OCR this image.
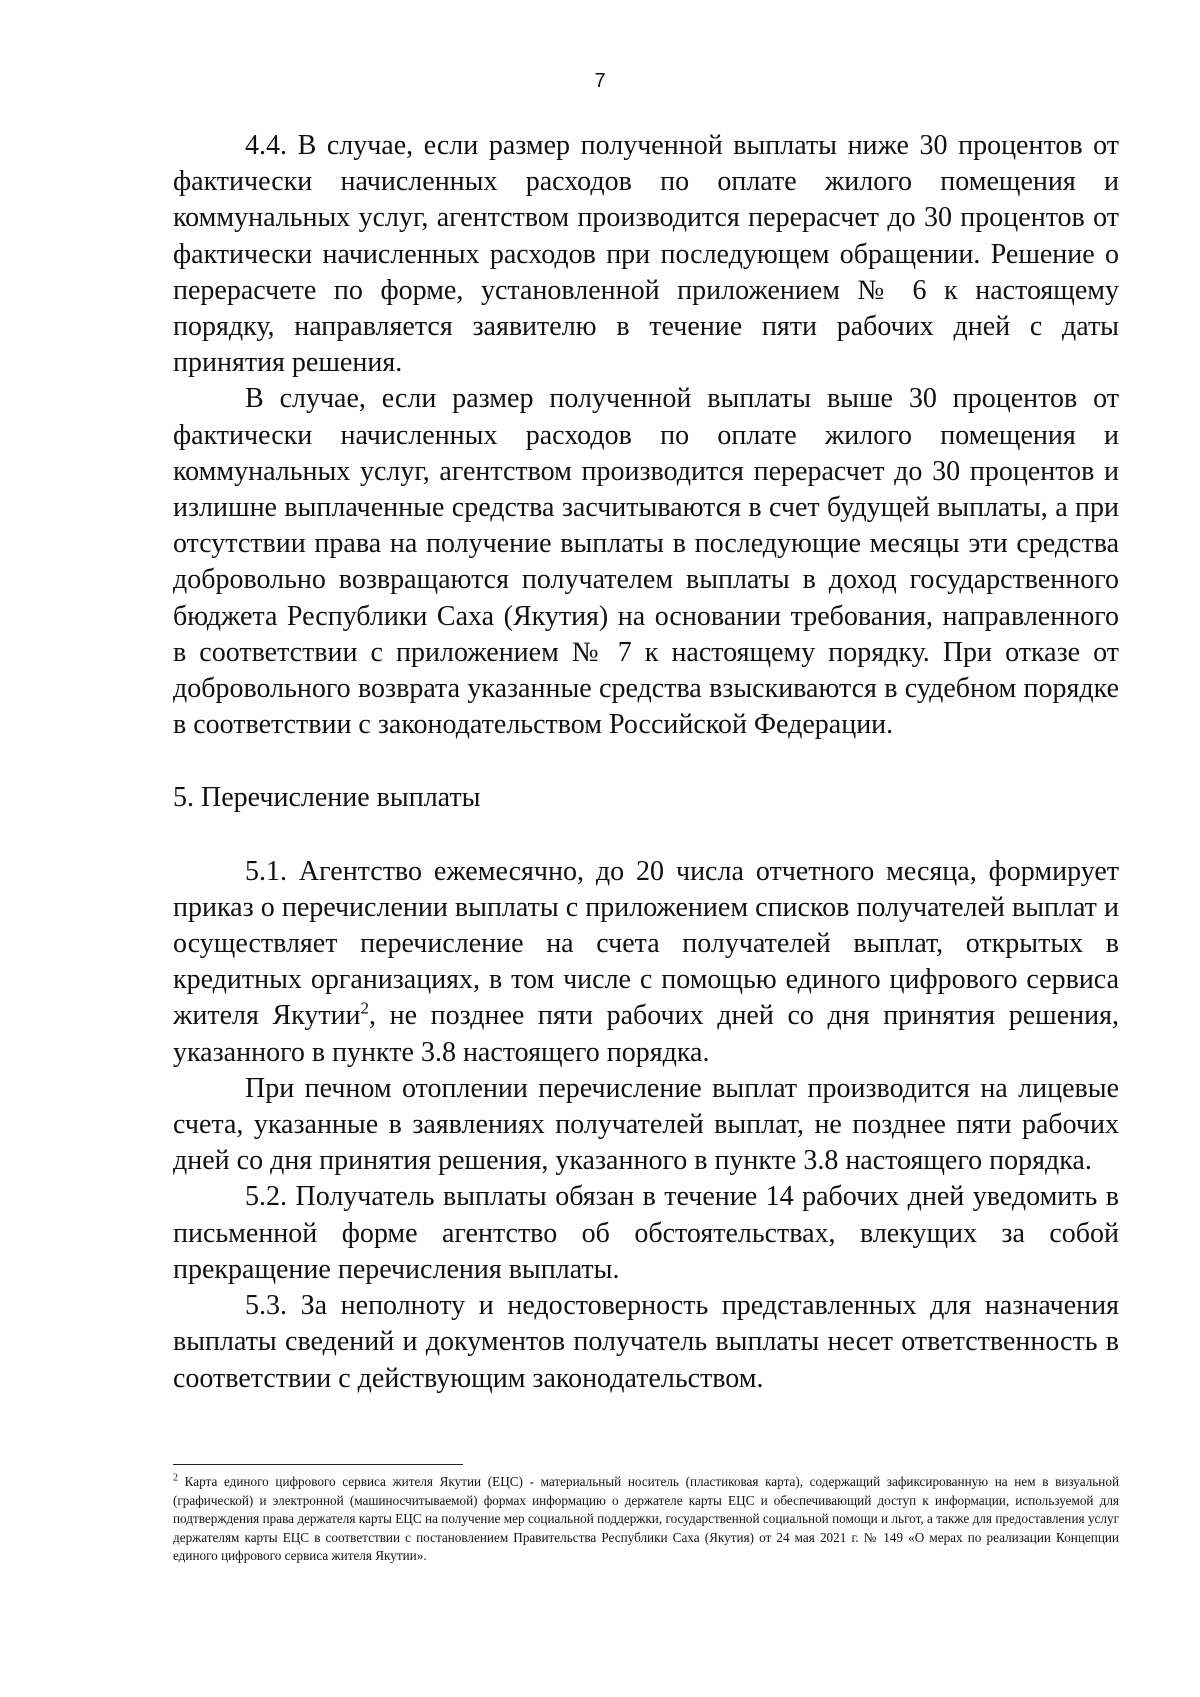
7

4.4. В случае, если размер полученной выплаты ниже 30 процентов от фактически начисленных расходов по оплате жилого помещения и коммунальных услуг, агентством производится перерасчет до 30 процентов от фактически начисленных расходов при последующем обращении. Решение о перерасчете по форме, установленной приложением № 6 к настоящему порядку, направляется заявителю в течение пяти рабочих дней с даты принятия решения.

В случае, если размер полученной выплаты выше 30 процентов от фактически начисленных расходов по оплате жилого помещения и коммунальных услуг, агентством производится перерасчет до 30 процентов и излишне выплаченные средства засчитываются в счет будущей выплаты, а при отсутствии права на получение выплаты в последующие месяцы эти средства добровольно возвращаются получателем выплаты в доход государственного бюджета Республики Саха (Якутия) на основании требования, направленного в соответствии с приложением № 7 к настоящему порядку. При отказе от добровольного возврата указанные средства взыскиваются в судебном порядке в соответствии с законодательством Российской Федерации.

5. Перечисление выплаты

5.1. Агентство ежемесячно, до 20 числа отчетного месяца, формирует приказ о перечислении выплаты с приложением списков получателей выплат и осуществляет перечисление на счета получателей выплат, открытых в кредитных организациях, в том числе с помощью единого цифрового сервиса жителя Якутии$^2$, не позднее пяти рабочих дней со дня принятия решения, указанного в пункте 3.8 настоящего порядка.

При печном отоплении перечисление выплат производится на лицевые счета, указанные в заявлениях получателей выплат, не позднее пяти рабочих дней со дня принятия решения, указанного в пункте 3.8 настоящего порядка.

5.2. Получатель выплаты обязан в течение 14 рабочих дней уведомить в письменной форме агентство об обстоятельствах, влекущих за собой прекращение перечисления выплаты.

5.3. За неполноту и недостоверность представленных для назначения выплаты сведений и документов получатель выплаты несет ответственность в соответствии с действующим законодательством.

$^2$ Карта единого цифрового сервиса жителя Якутии (ЕЦС) - материальный носитель (пластиковая карта), содержащий зафиксированную на нем в визуальной (графической) и электронной (машиносчитываемой) формах информацию о держателе карты ЕЦС и обеспечивающий доступ к информации, используемой для подтверждения права держателя карты ЕЦС на получение мер социальной поддержки, государственной социальной помощи и льгот, а также для предоставления услуг держателям карты ЕЦС в соответствии с постановлением Правительства Республики Саха (Якутия) от 24 мая 2021 г. № 149 «О мерах по реализации Концепции единого цифрового сервиса жителя Якутии».
